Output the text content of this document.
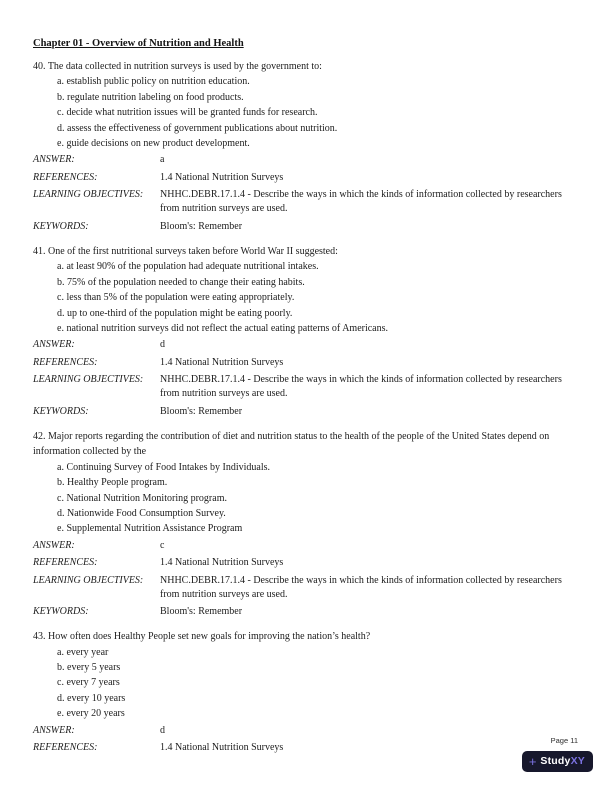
Chapter 01 - Overview of Nutrition and Health

40. The data collected in nutrition surveys is used by the government to:

a. establish public policy on nutrition education.
b. regulate nutrition labeling on food products.
c. decide what nutrition issues will be granted funds for research.
d. assess the effectiveness of government publications about nutrition.
e. guide decisions on new product development.
ANSWER:	a
REFERENCES:	1.4 National Nutrition Surveys
LEARNING OBJECTIVES:	NHHC.DEBR.17.1.4 - Describe the ways in which the kinds of information collected by researchers from nutrition surveys are used.
KEYWORDS:	Bloom's: Remember

41. One of the first nutritional surveys taken before World War II suggested:

a. at least 90% of the population had adequate nutritional intakes.
b. 75% of the population needed to change their eating habits.
c. less than 5% of the population were eating appropriately.
d. up to one-third of the population might be eating poorly.
e. national nutrition surveys did not reflect the actual eating patterns of Americans.
ANSWER:	d
REFERENCES:	1.4 National Nutrition Surveys
LEARNING OBJECTIVES:	NHHC.DEBR.17.1.4 - Describe the ways in which the kinds of information collected by researchers from nutrition surveys are used.
KEYWORDS:	Bloom's: Remember

42. Major reports regarding the contribution of diet and nutrition status to the health of the people of the United States depend on information collected by the

a. Continuing Survey of Food Intakes by Individuals.
b. Healthy People program.
c. National Nutrition Monitoring program.
d. Nationwide Food Consumption Survey.
e. Supplemental Nutrition Assistance Program
ANSWER:	c
REFERENCES:	1.4 National Nutrition Surveys
LEARNING OBJECTIVES:	NHHC.DEBR.17.1.4 - Describe the ways in which the kinds of information collected by researchers from nutrition surveys are used.
KEYWORDS:	Bloom's: Remember

43. How often does Healthy People set new goals for improving the nation’s health?

a. every year
b. every 5 years
c. every 7 years
d. every 10 years
e. every 20 years
ANSWER:	d
REFERENCES:	1.4 National Nutrition Surveys
Page 11
+ StudyXY
